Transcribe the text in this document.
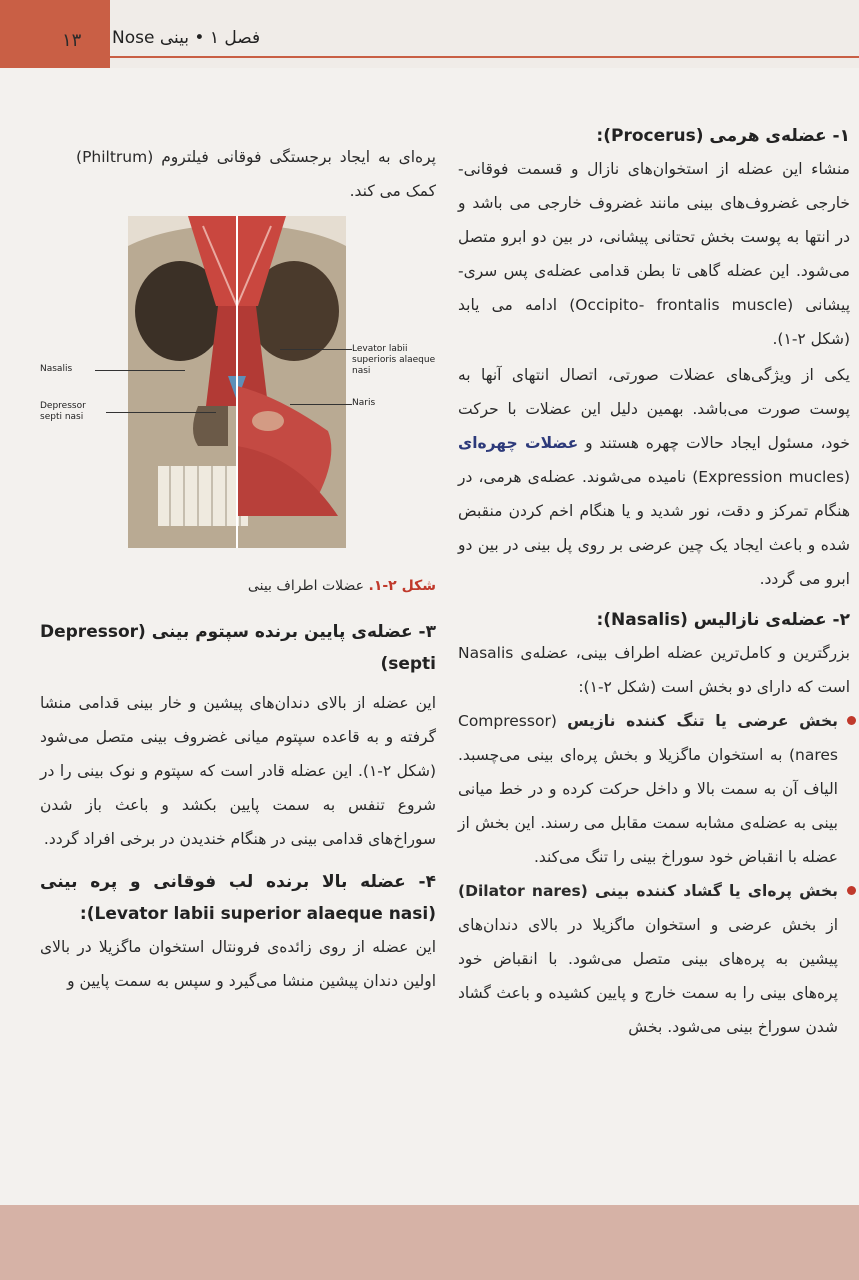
۱۳ فصل ۱ • بینی Nose
۱- عضله‌ی هرمی (Procerus):

منشاء این عضله از استخوان‌های نازال و قسمت فوقانی- خارجی غضروف‌های بینی مانند غضروف خارجی می باشد و در انتها به پوست بخش تحتانی پیشانی، در بین دو ابرو متصل می‌شود. این عضله گاهی تا بطن قدامی عضله‌ی پس سری- پیشانی (Occipito- frontalis muscle) ادامه می یابد (شکل ۲-۱).

یکی از ویژگی‌های عضلات صورتی، اتصال انتهای آنها به پوست صورت می‌باشد. بهمین دلیل این عضلات با حرکت خود، مسئول ایجاد حالات چهره هستند و عضلات چهره‌ای (Expression mucles) نامیده می‌شوند. عضله‌ی هرمی، در هنگام تمرکز و دقت، نور شدید و یا هنگام اخم کردن منقبض شده و باعث ایجاد یک چین عرضی بر روی پل بینی در بین دو ابرو می گردد.

۲- عضله‌ی نازالیس (Nasalis):

بزرگترین و کامل‌ترین عضله اطراف بینی، عضله‌ی Nasalis است که دارای دو بخش است (شکل ۲-۱):

بخش عرضی یا تنگ کننده نازیس (Compressor nares) به استخوان ماگزیلا و بخش پره‌ای بینی می‌چسبد. الیاف آن به سمت بالا و داخل حرکت کرده و در خط میانی بینی به عضله‌ی مشابه سمت مقابل می رسند. این بخش از عضله با انقباض خود سوراخ بینی را تنگ می‌کند.

بخش پره‌ای یا گشاد کننده بینی (Dilator nares) از بخش عرضی و استخوان ماگزیلا در بالای دندان‌های پیشین به پره‌های بینی متصل می‌شود. با انقباض خود پره‌های بینی را به سمت خارج و پایین کشیده و باعث گشاد شدن سوراخ بینی می‌شود. بخش

پره‌ای به ایجاد برجستگی فوقانی فیلتروم (Philtrum) کمک می کند.

Nasalis
Depressor septi nasi
Levator labii superioris alaeque nasi
Naris
شکل ۲-۱. عضلات اطراف بینی
۳- عضله‌ی پایین برنده سپتوم بینی (Depressor septi)

این عضله از بالای دندان‌های پیشین و خار بینی قدامی منشا گرفته و به قاعده سپتوم میانی غضروف بینی متصل می‌شود (شکل ۲-۱). این عضله قادر است که سپتوم و نوک بینی را در شروع تنفس به سمت پایین بکشد و باعث باز شدن سوراخ‌های قدامی بینی در هنگام خندیدن در برخی افراد گردد.

۴- عضله بالا برنده لب فوقانی و پره بینی (Levator labii superior alaeque nasi):

این عضله از روی زائده‌ی فرونتال استخوان ماگزیلا در بالای اولین دندان پیشین منشا می‌گیرد و سپس به سمت پایین و
